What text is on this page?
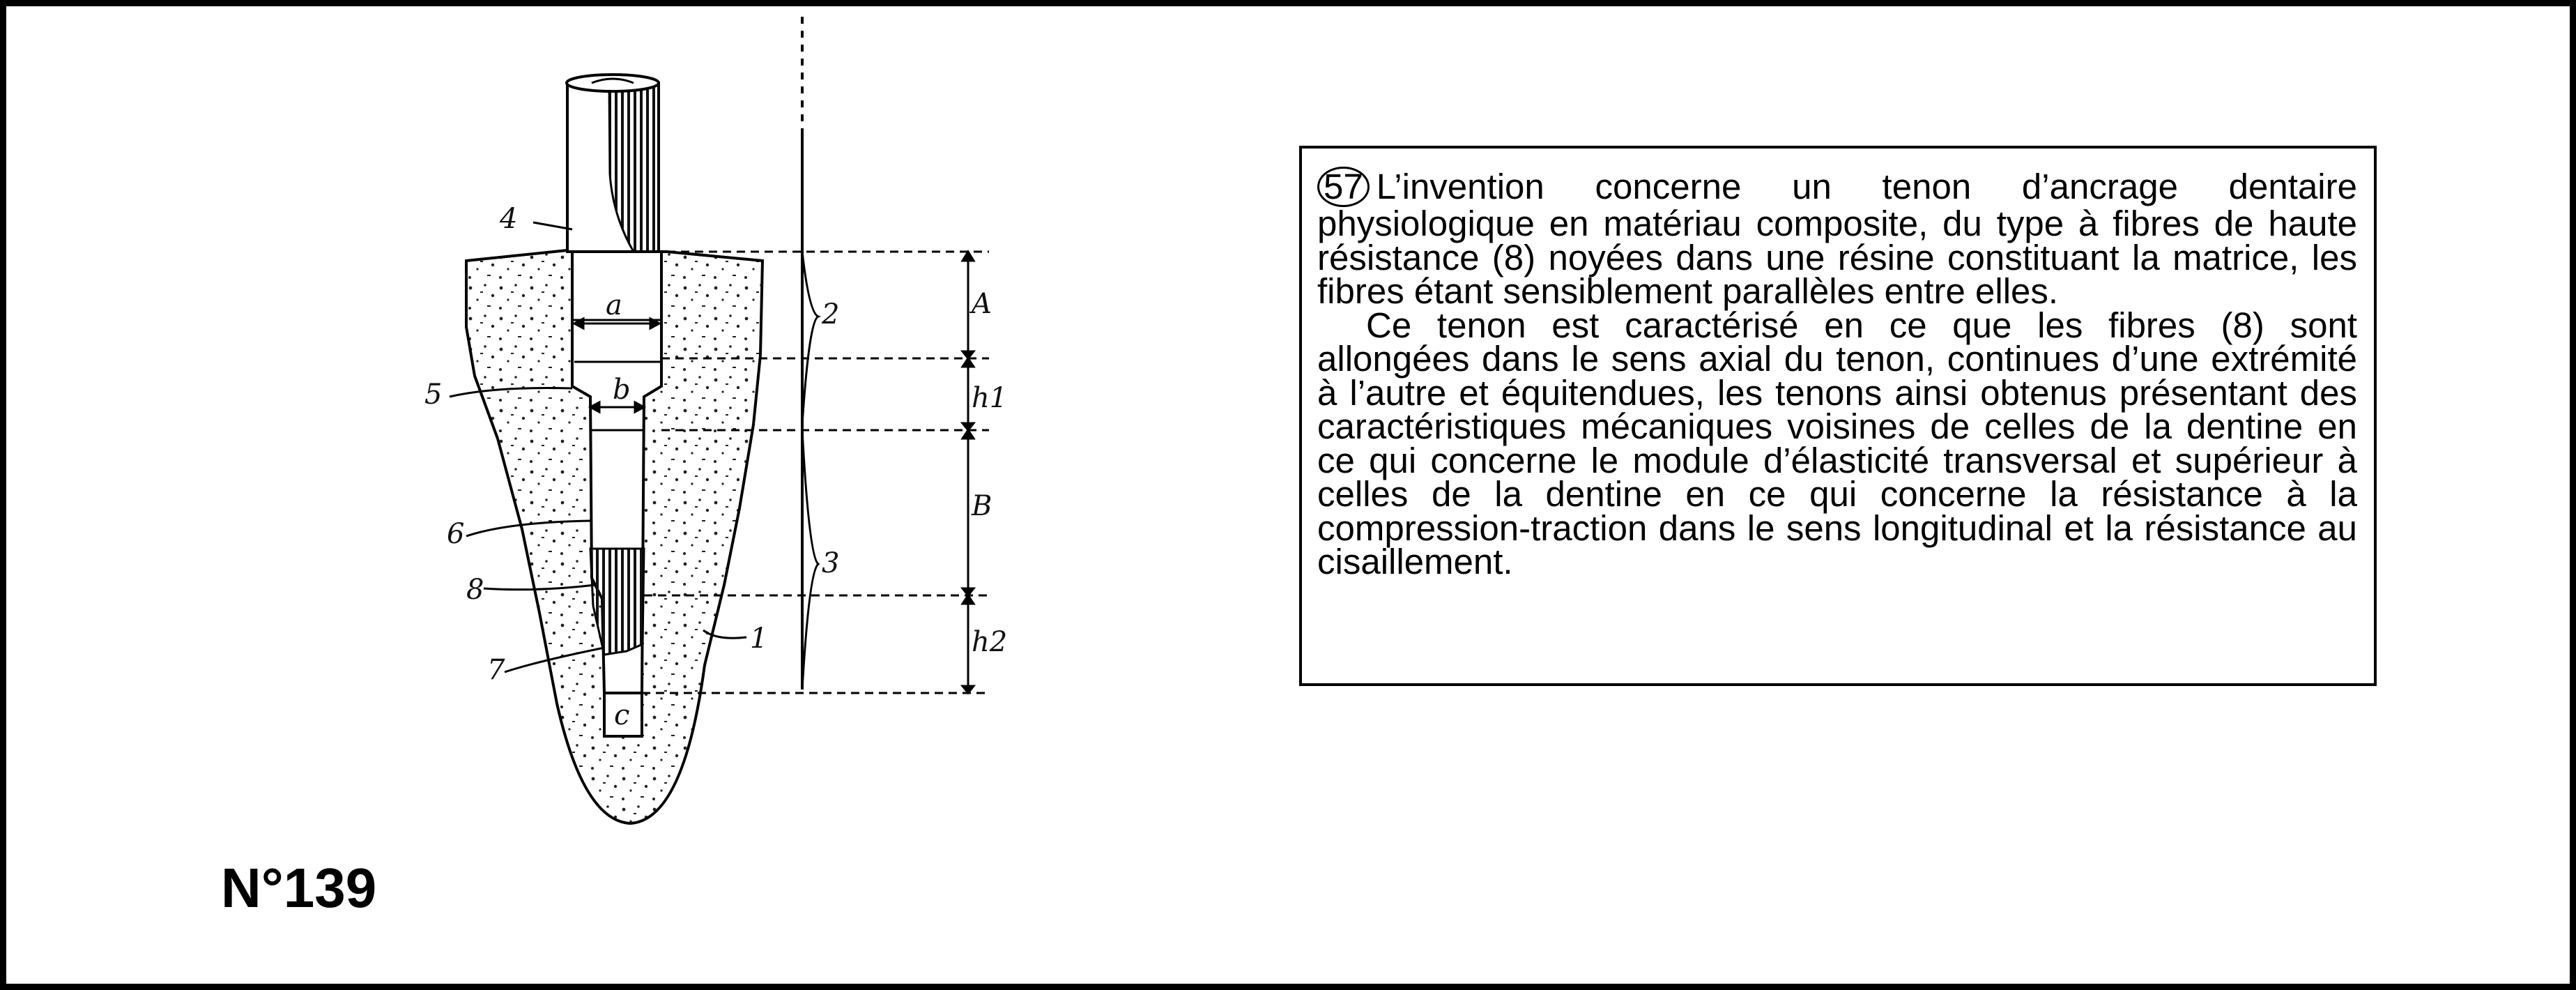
4
5
6
8
7
1
2
3
A
h1
B
h2
a
b
c
N°139

57 L’invention concerne un tenon d’ancrage dentaire physiologique en matériau composite, du type à fibres de haute résistance (8) noyées dans une résine constituant la matrice, les fibres étant sensiblement parallèles entre elles.

Ce tenon est caractérisé en ce que les fibres (8) sont allongées dans le sens axial du tenon, continues d’une extrémité à l’autre et équitendues, les tenons ainsi obtenus présentant des caractéristiques mécaniques voisines de celles de la dentine en ce qui concerne le module d’élasticité transversal et supérieur à celles de la dentine en ce qui concerne la résistance à la compression-traction dans le sens longitudinal et la résistance au cisaillement.
